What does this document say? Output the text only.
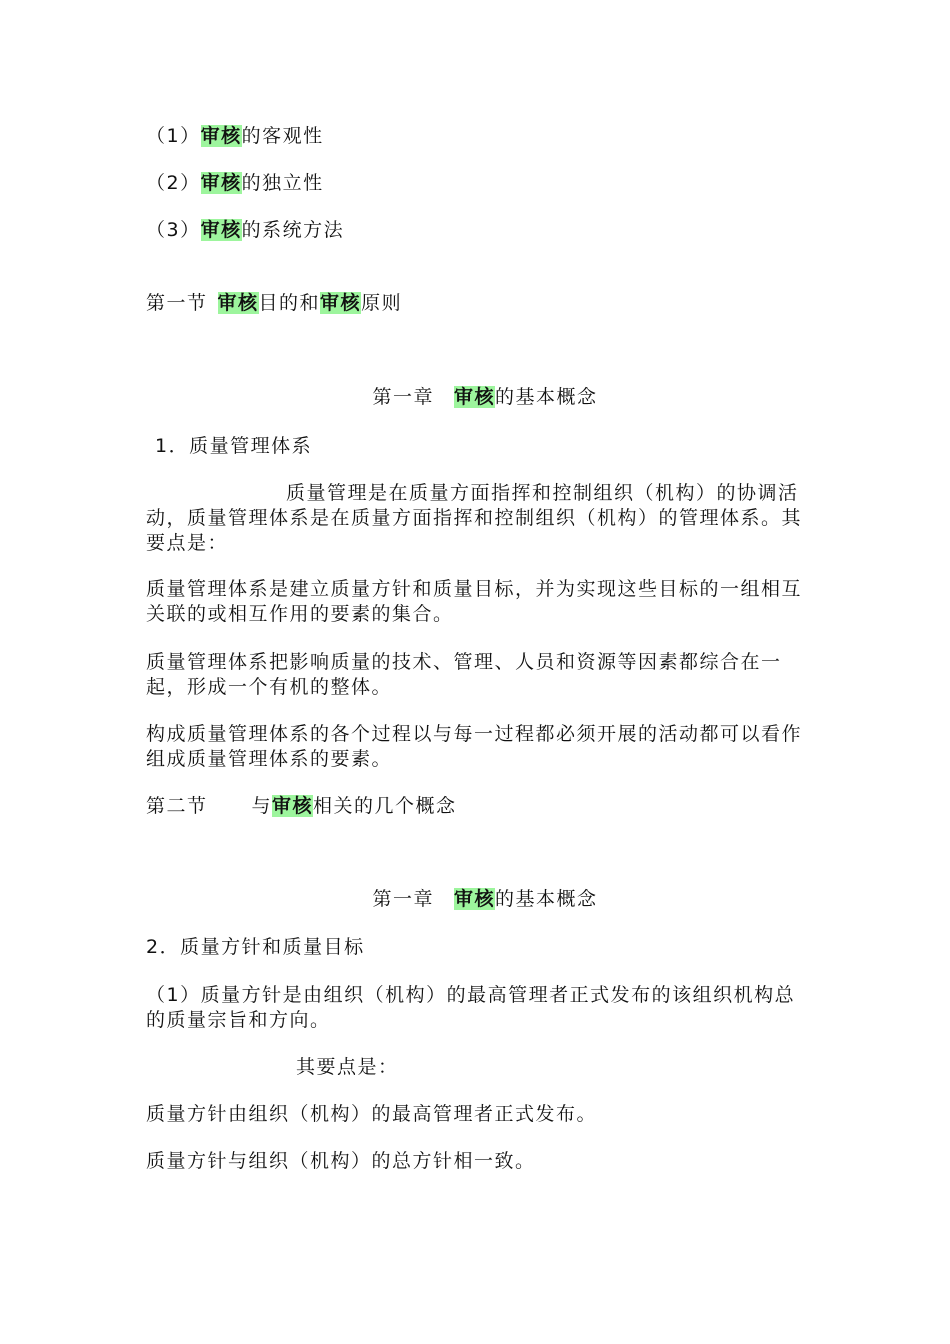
（1）审核的客观性
（2）审核的独立性
（3）审核的系统方法
第一节 审核目的和审核原则
第一章 审核的基本概念
1．质量管理体系
质量管理是在质量方面指挥和控制组织（机构）的协调活动，质量管理体系是在质量方面指挥和控制组织（机构）的管理体系。其要点是：
质量管理体系是建立质量方针和质量目标，并为实现这些目标的一组相互关联的或相互作用的要素的集合。
质量管理体系把影响质量的技术、管理、人员和资源等因素都综合在一起，形成一个有机的整体。
构成质量管理体系的各个过程以与每一过程都必须开展的活动都可以看作组成质量管理体系的要素。
第二节 与审核相关的几个概念
第一章 审核的基本概念
2．质量方针和质量目标
（1）质量方针是由组织（机构）的最高管理者正式发布的该组织机构总的质量宗旨和方向。
其要点是：
质量方针由组织（机构）的最高管理者正式发布。
质量方针与组织（机构）的总方针相一致。
